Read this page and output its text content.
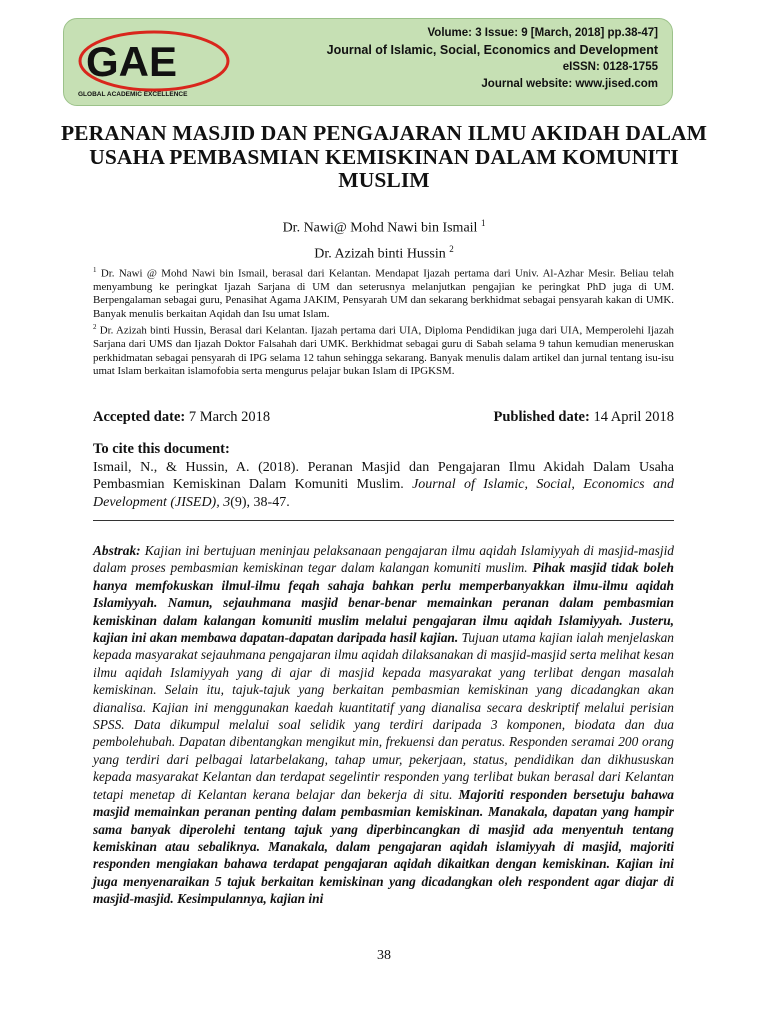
GAE
GLOBAL ACADEMIC EXCELLENCE
Volume: 3 Issue: 9 [March, 2018] pp.38-47]
Journal of Islamic, Social, Economics and Development
eISSN: 0128-1755
Journal website: www.jised.com
PERANAN MASJID DAN PENGAJARAN ILMU AKIDAH DALAM USAHA PEMBASMIAN KEMISKINAN DALAM KOMUNITI MUSLIM
Dr. Nawi@ Mohd Nawi bin Ismail $^1$
Dr. Azizah binti Hussin $^2$

$^1$ Dr. Nawi @ Mohd Nawi bin Ismail, berasal dari Kelantan. Mendapat Ijazah pertama dari Univ. Al-Azhar Mesir. Beliau telah menyambung ke peringkat Ijazah Sarjana di UM dan seterusnya melanjutkan pengajian ke peringkat PhD juga di UM. Berpengalaman sebagai guru, Penasihat Agama JAKIM, Pensyarah UM dan sekarang berkhidmat sebagai pensyarah kakan di UMK. Banyak menulis berkaitan Aqidah dan Isu umat Islam.

$^2$ Dr. Azizah binti Hussin, Berasal dari Kelantan. Ijazah pertama dari UIA, Diploma Pendidikan juga dari UIA, Memperolehi Ijazah Sarjana dari UMS dan Ijazah Doktor Falsahah dari UMK. Berkhidmat sebagai guru di Sabah selama 9 tahun kemudian meneruskan perkhidmatan sebagai pensyarah di IPG selama 12 tahun sehingga sekarang. Banyak menulis dalam artikel dan jurnal tentang isu-isu umat Islam berkaitan islamofobia serta mengurus pelajar bukan Islam di IPGKSM.

Accepted date: 7 March 2018	Published date: 14 April 2018
To cite this document:
Ismail, N., & Hussin, A. (2018). Peranan Masjid dan Pengajaran Ilmu Akidah Dalam Usaha Pembasmian Kemiskinan Dalam Komuniti Muslim. Journal of Islamic, Social, Economics and Development (JISED), 3(9), 38-47.
Abstrak: Kajian ini bertujuan meninjau pelaksanaan pengajaran ilmu aqidah Islamiyyah di masjid-masjid dalam proses pembasmian kemiskinan tegar dalam kalangan komuniti muslim. Pihak masjid tidak boleh hanya memfokuskan ilmul-ilmu feqah sahaja bahkan perlu memperbanyakkan ilmu-ilmu aqidah Islamiyyah. Namun, sejauhmana masjid benar-benar memainkan peranan dalam pembasmian kemiskinan dalam kalangan komuniti muslim melalui pengajaran ilmu aqidah Islamiyyah. Justeru, kajian ini akan membawa dapatan-dapatan daripada hasil kajian. Tujuan utama kajian ialah menjelaskan kepada masyarakat sejauhmana pengajaran ilmu aqidah dilaksanakan di masjid-masjid serta melihat kesan ilmu aqidah Islamiyyah yang di ajar di masjid kepada masyarakat yang terlibat dengan masalah kemiskinan. Selain itu, tajuk-tajuk yang berkaitan pembasmian kemiskinan yang dicadangkan akan dianalisa. Kajian ini menggunakan kaedah kuantitatif yang dianalisa secara deskriptif melalui perisian SPSS. Data dikumpul melalui soal selidik yang terdiri daripada 3 komponen, biodata dan dua pembolehubah. Dapatan dibentangkan mengikut min, frekuensi dan peratus. Responden seramai 200 orang yang terdiri dari pelbagai latarbelakang, tahap umur, pekerjaan, status, pendidikan dan dikhususkan kepada masyarakat Kelantan dan terdapat segelintir responden yang terlibat bukan berasal dari Kelantan tetapi menetap di Kelantan kerana belajar dan bekerja di situ. Majoriti responden bersetuju bahawa masjid memainkan peranan penting dalam pembasmian kemiskinan. Manakala, dapatan yang hampir sama banyak diperolehi tentang tajuk yang diperbincangkan di masjid ada menyentuh tentang kemiskinan atau sebaliknya. Manakala, dalam pengajaran aqidah islamiyyah di masjid, majoriti responden mengiakan bahawa terdapat pengajaran aqidah dikaitkan dengan kemiskinan. Kajian ini juga menyenaraikan 5 tajuk berkaitan kemiskinan yang dicadangkan oleh respondent agar diajar di masjid-masjid. Kesimpulannya, kajian ini
38
